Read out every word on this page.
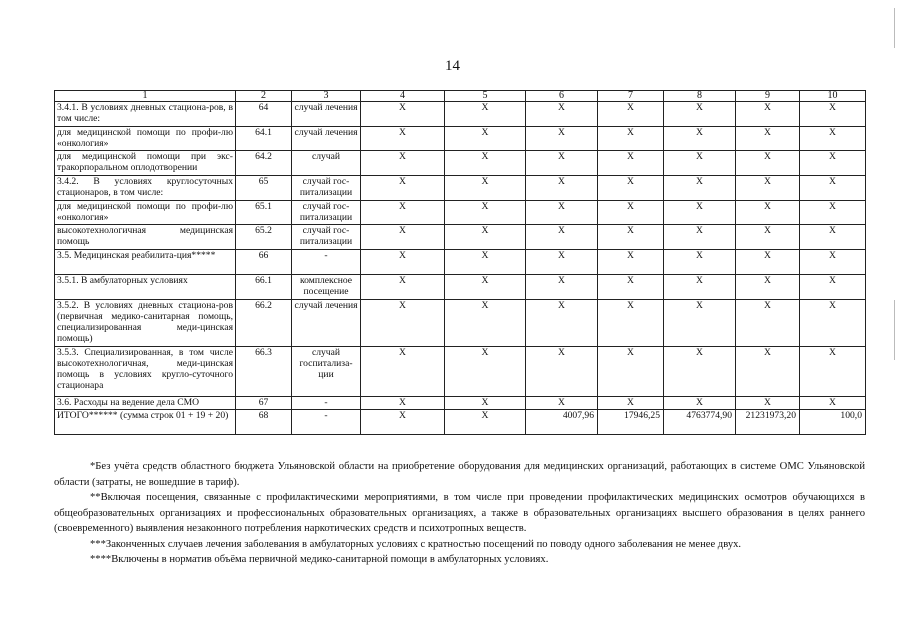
14
1	2	3	4	5	6	7	8	9	10
3.4.1. В условиях дневных стациона-ров, в том числе:	64	случай лечения	X	X	X	X	X	X	X
для медицинской помощи по профи-лю «онкология»	64.1	случай лечения	X	X	X	X	X	X	X
для медицинской помощи при экс-тракорпоральном оплодотворении	64.2	случай	X	X	X	X	X	X	X
3.4.2. В условиях круглосуточных стационаров, в том числе:	65	случай гос-питализации	X	X	X	X	X	X	X
для медицинской помощи по профи-лю «онкология»	65.1	случай гос-питализации	X	X	X	X	X	X	X
высокотехнологичная медицинская помощь	65.2	случай гос-питализации	X	X	X	X	X	X	X
3.5. Медицинская реабилита-ция*****	66	-	X	X	X	X	X	X	X
3.5.1. В амбулаторных условиях	66.1	комплексное посещение	X	X	X	X	X	X	X
3.5.2. В условиях дневных стациона-ров (первичная медико-санитарная помощь, специализированная меди-цинская помощь)	66.2	случай лечения	X	X	X	X	X	X	X
3.5.3. Специализированная, в том числе высокотехнологичная, меди-цинская помощь в условиях кругло-суточного стационара	66.3	случай госпитализа-ции	X	X	X	X	X	X	X
3.6. Расходы на ведение дела СМО	67	-	X	X	X	X	X	X	X
ИТОГО****** (сумма строк 01 + 19 + 20)	68	-	X	X	4007,96	17946,25	4763774,90	21231973,20	100,0

*Без учёта средств областного бюджета Ульяновской области на приобретение оборудования для медицинских организаций, работающих в системе ОМС Ульяновской области (затраты, не вошедшие в тариф).

**Включая посещения, связанные с профилактическими мероприятиями, в том числе при проведении профилактических медицинских осмотров обучающихся в общеобразовательных организациях и профессиональных образовательных организациях, а также в образовательных организациях высшего образования в целях раннего (своевременного) выявления незаконного потребления наркотических средств и психотропных веществ.

***Законченных случаев лечения заболевания в амбулаторных условиях с кратностью посещений по поводу одного заболевания не менее двух.

****Включены в норматив объёма первичной медико-санитарной помощи в амбулаторных условиях.
